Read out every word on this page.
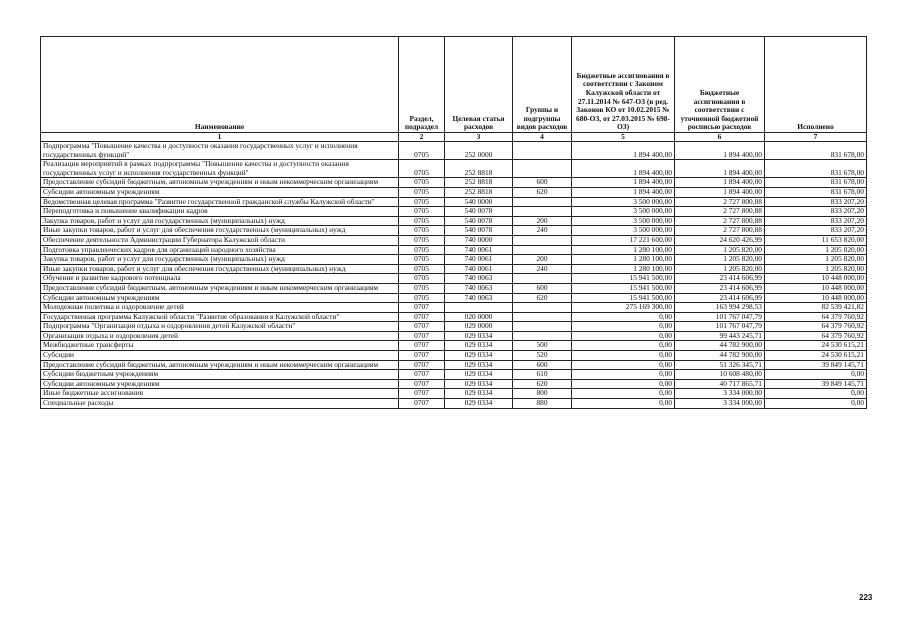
Наименование	Раздел, подраздел	Целевая статья расходов	Группы и подгруппы видов расходов	Бюджетные ассигнования в соответствии с Законом Калужской области от 27.11.2014 № 647-ОЗ (в ред. Законов КО от 10.02.2015 № 680-ОЗ, от 27.03.2015 № 698-ОЗ)	Бюджетные ассигнования в соответствии с уточненной бюджетной росписью расходов	Исполнено
1	2	3	4	5	6	7
Подпрограмма "Повышение качества и доступности оказания государственных услуг и исполнения государственных функций"	0705	252 0000		1 894 400,00	1 894 400,00	831 678,00
Реализация мероприятий в рамках подпрограммы "Повышение качества и доступности оказания государственных услуг и исполнения государственных функций"	0705	252 8818		1 894 400,00	1 894 400,00	831 678,00
Предоставление субсидий бюджетным, автономным учреждениям и иным некоммерческим организациям	0705	252 8818	600	1 894 400,00	1 894 400,00	831 678,00
Субсидии автономным учреждениям	0705	252 8818	620	1 894 400,00	1 894 400,00	831 678,00
Ведомственная целевая программа "Развитие государственной гражданской службы Калужской области"	0705	540 0000		3 500 000,00	2 727 800,88	833 207,20
Переподготовка и повышение квалификации кадров	0705	540 0078		3 500 000,00	2 727 800,88	833 207,20
Закупка товаров, работ и услуг для государственных (муниципальных) нужд	0705	540 0078	200	3 500 000,00	2 727 800,88	833 207,20
Иные закупки товаров, работ и услуг для обеспечения государственных (муниципальных) нужд	0705	540 0078	240	3 500 000,00	2 727 800,88	833 207,20
Обеспечение деятельности Администрации Губернатора Калужской области	0705	740 0000		17 221 600,00	24 620 426,99	11 653 820,00
Подготовка управленческих кадров для организаций народного хозяйства	0705	740 0061		1 280 100,00	1 205 820,00	1 205 820,00
Закупка товаров, работ и услуг для государственных (муниципальных) нужд	0705	740 0061	200	1 280 100,00	1 205 820,00	1 205 820,00
Иные закупки товаров, работ и услуг для обеспечения государственных (муниципальных) нужд	0705	740 0061	240	1 280 100,00	1 205 820,00	1 205 820,00
Обучение и развитие кадрового потенциала	0705	740 0063		15 941 500,00	23 414 606,99	10 448 000,00
Предоставление субсидий бюджетным, автономным учреждениям и иным некоммерческим организациям	0705	740 0063	600	15 941 500,00	23 414 606,99	10 448 000,00
Субсидии автономным учреждениям	0705	740 0063	620	15 941 500,00	23 414 606,99	10 448 000,00
Молодежная политика и оздоровление детей	0707			275 169 300,00	163 994 298,53	82 539 421,82
Государственная программа Калужской области "Развитие образования в Калужской области"	0707	020 0000		0,00	101 767 047,79	64 379 760,92
Подпрограмма "Организация отдыха и оздоровления детей Калужской области"	0707	029 0000		0,00	101 767 047,79	64 379 760,92
Организация отдыха и оздоровления детей	0707	029 0334		0,00	99 443 245,71	64 379 760,92
Межбюджетные трансферты	0707	029 0334	500	0,00	44 782 900,00	24 530 615,21
Субсидии	0707	029 0334	520	0,00	44 782 900,00	24 530 615,21
Предоставление субсидий бюджетным, автономным учреждениям и иным некоммерческим организациям	0707	029 0334	600	0,00	51 326 345,71	39 849 145,71
Субсидии бюджетным учреждениям	0707	029 0334	610	0,00	10 608 480,00	0,00
Субсидии автономным учреждениям	0707	029 0334	620	0,00	40 717 865,71	39 849 145,71
Иные бюджетные ассигнования	0707	029 0334	800	0,00	3 334 000,00	0,00
Специальные расходы	0707	029 0334	880	0,00	3 334 000,00	0,00
223
